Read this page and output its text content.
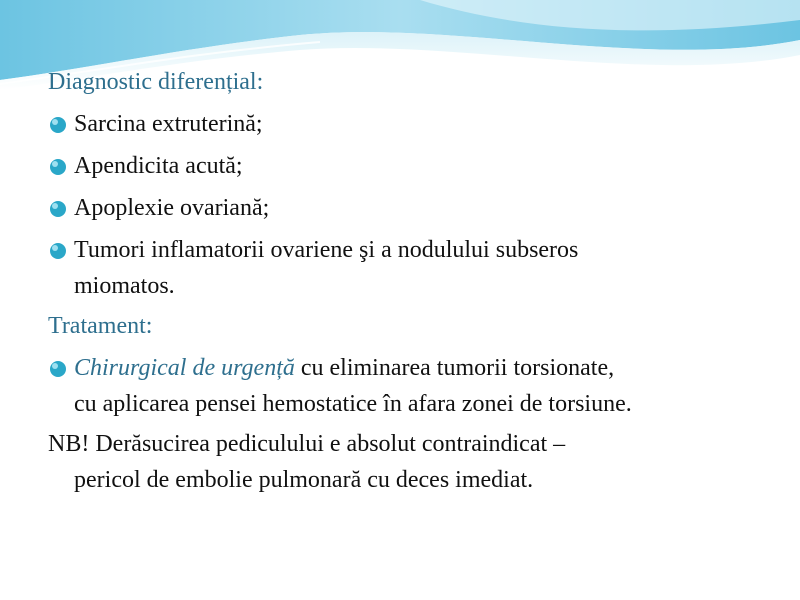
Diagnostic diferențial:
Sarcina extruterină;
Apendicita acută;
Apoplexie ovariană;
Tumori inflamatorii ovariene şi a nodulului subseros
miomatos.
Tratament:
Chirurgical de urgență cu eliminarea tumorii torsionate,
cu aplicarea pensei hemostatice în afara zonei de torsiune.
NB! Derăsucirea pediculului e absolut contraindicat –
pericol de embolie pulmonară cu deces imediat.
